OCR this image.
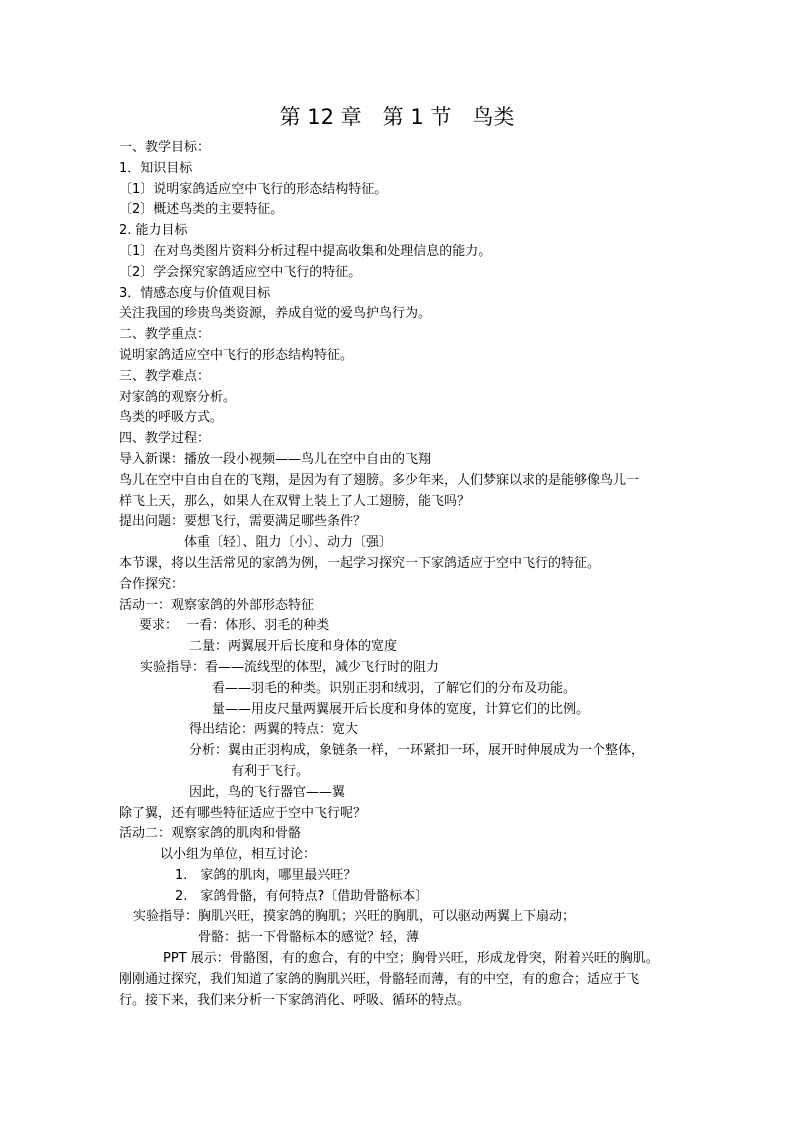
第 12 章　第 1 节　鸟类
一、教学目标：
1．知识目标
〔1〕说明家鸽适应空中飞行的形态结构特征。
〔2〕概述鸟类的主要特征。
2. 能力目标
〔1〕在对鸟类图片资料分析过程中提高收集和处理信息的能力。
〔2〕学会探究家鸽适应空中飞行的特征。
3．情感态度与价值观目标
关注我国的珍贵鸟类资源，养成自觉的爱鸟护鸟行为。
二、教学重点：
说明家鸽适应空中飞行的形态结构特征。
三、教学难点：
对家鸽的观察分析。
鸟类的呼吸方式。
四、教学过程：
导入新课：播放一段小视频——鸟儿在空中自由的飞翔
鸟儿在空中自由自在的飞翔，是因为有了翅膀。多少年来，人们梦寐以求的是能够像鸟儿一
样飞上天，那么，如果人在双臂上装上了人工翅膀，能飞吗？
提出问题：要想飞行，需要满足哪些条件？
体重〔轻〕、阻力〔小〕、动力〔强〕
本节课，将以生活常见的家鸽为例，一起学习探究一下家鸽适应于空中飞行的特征。
合作探究：
活动一：观察家鸽的外部形态特征
要求：  一看：体形、羽毛的种类
二量：两翼展开后长度和身体的宽度
实验指导：看——流线型的体型，减少飞行时的阻力
看——羽毛的种类。识别正羽和绒羽，了解它们的分布及功能。
量——用皮尺量两翼展开后长度和身体的宽度，计算它们的比例。
得出结论：两翼的特点：宽大
分析：翼由正羽构成，象链条一样，一环紧扣一环，展开时伸展成为一个整体，
有利于飞行。
因此，鸟的飞行器官——翼
除了翼，还有哪些特征适应于空中飞行呢？
活动二：观察家鸽的肌肉和骨骼
以小组为单位，相互讨论：
1.　家鸽的肌肉，哪里最兴旺？
2.　家鸽骨骼，有何特点?〔借助骨骼标本〕
实验指导：胸肌兴旺，摸家鸽的胸肌；兴旺的胸肌，可以驱动两翼上下扇动；
骨骼：掂一下骨骼标本的感觉？轻，薄
PPT 展示：骨骼图，有的愈合，有的中空；胸骨兴旺，形成龙骨突，附着兴旺的胸肌。
刚刚通过探究，我们知道了家鸽的胸肌兴旺，骨骼轻而薄，有的中空，有的愈合；适应于飞
行。接下来，我们来分析一下家鸽消化、呼吸、循环的特点。
